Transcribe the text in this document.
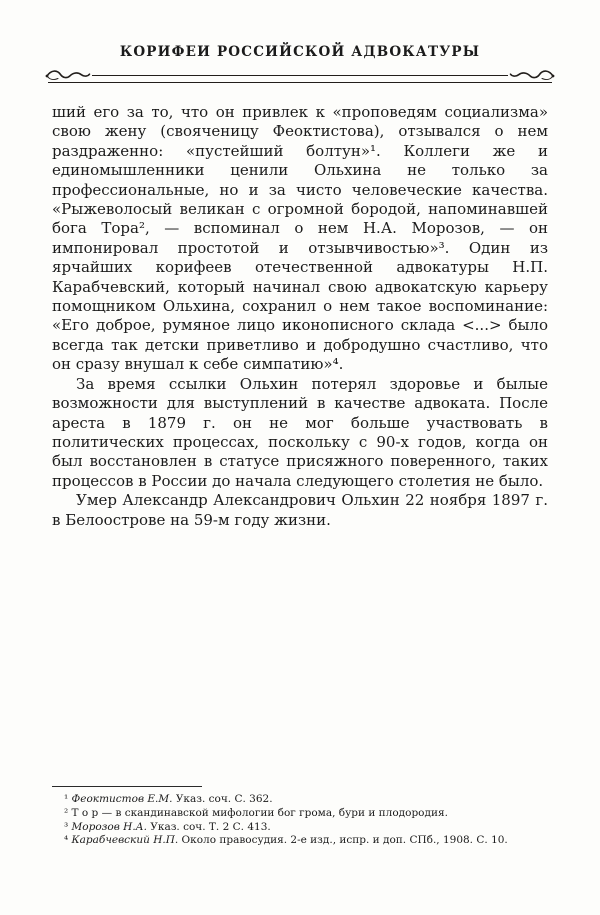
КОРИФЕИ РОССИЙСКОЙ АДВОКАТУРЫ

ший его за то, что он привлек к «проповедям социализма» свою жену (свояченицу Феоктистова), отзывался о нем раздраженно: «пустейший болтун»¹. Коллеги же и единомышленники ценили Ольхина не только за профессиональные, но и за чисто человеческие качества. «Рыжеволосый великан с огромной бородой, напоминавшей бога Тора², — вспоминал о нем Н.А. Морозов, — он импонировал простотой и отзывчивостью»³. Один из ярчайших корифеев отечественной адвокатуры Н.П. Карабчевский, который начинал свою адвокатскую карьеру помощником Ольхина, сохранил о нем такое воспоминание: «Его доброе, румяное лицо иконописного склада <...> было всегда так детски приветливо и добродушно счастливо, что он сразу внушал к себе симпатию»⁴.

За время ссылки Ольхин потерял здоровье и былые возможности для выступлений в качестве адвоката. После ареста в 1879 г. он не мог больше участвовать в политических процессах, поскольку с 90-х годов, когда он был восстановлен в статусе присяжного поверенного, таких процессов в России до начала следующего столетия не было.

Умер Александр Александрович Ольхин 22 ноября 1897 г. в Белоострове на 59-м году жизни.

¹ Феоктистов Е.М. Указ. соч. С. 362.

² Т о р — в скандинавской мифологии бог грома, бури и плодородия.

³ Морозов Н.А. Указ. соч. Т. 2 С. 413.

⁴ Карабчевский Н.П. Около правосудия. 2-е изд., испр. и доп. СПб., 1908. С. 10.
